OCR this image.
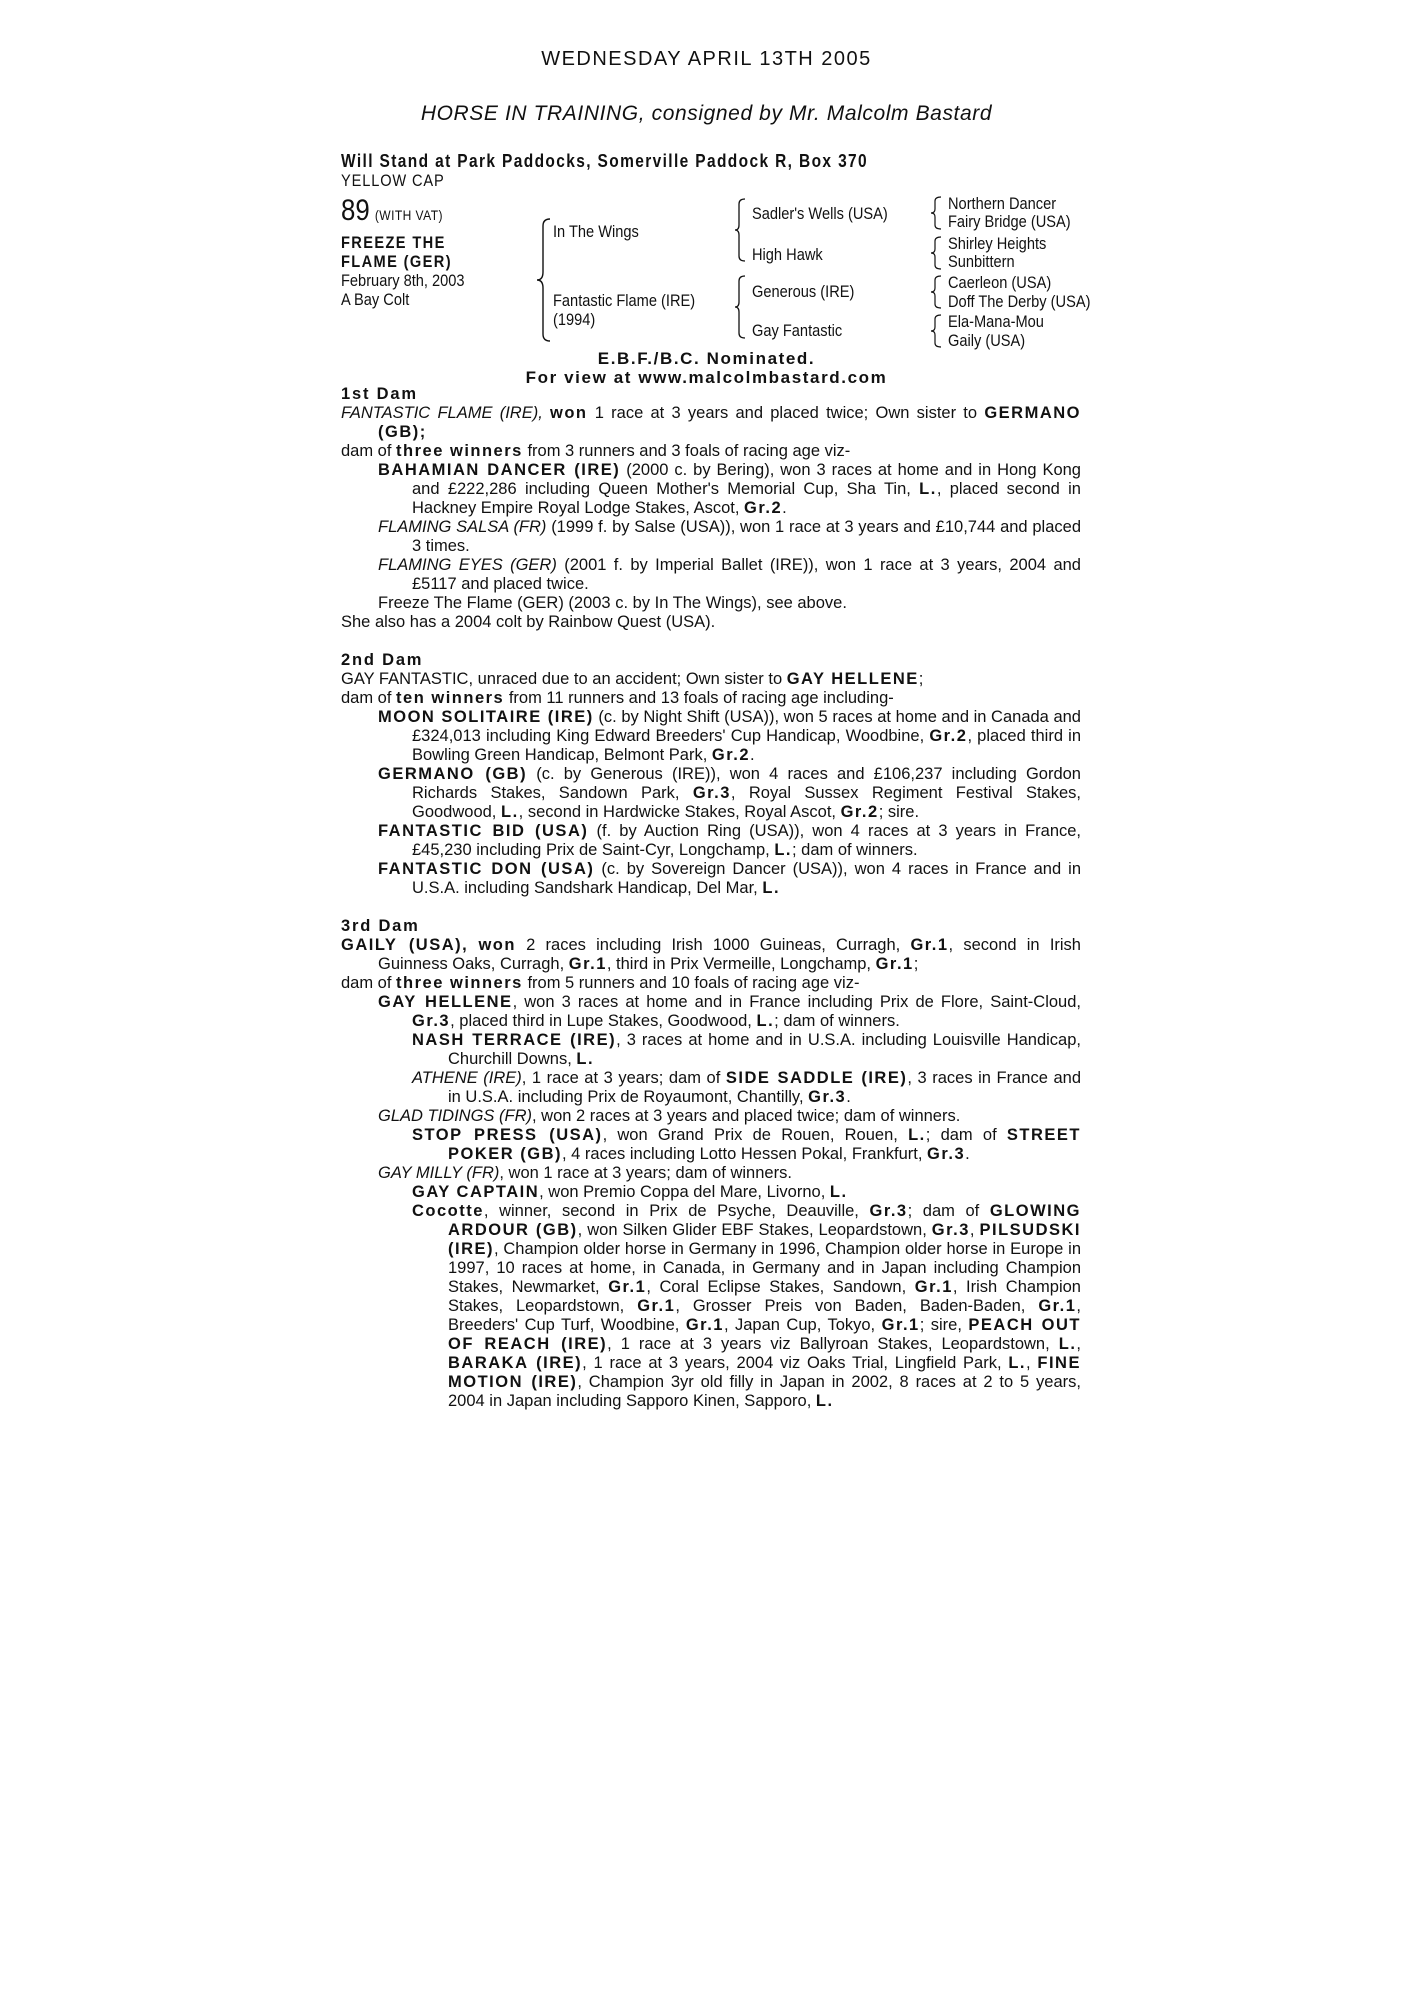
WEDNESDAY APRIL 13TH 2005
HORSE IN TRAINING, consigned by Mr. Malcolm Bastard
Will Stand at Park Paddocks, Somerville Paddock R, Box 370
YELLOW CAP
89 (WITH VAT)
FREEZE THE
FLAME (GER)
February 8th, 2003
A Bay Colt
In The Wings
Fantastic Flame (IRE)
(1994)
Sadler's Wells (USA)
High Hawk
Generous (IRE)
Gay Fantastic
Northern Dancer
Fairy Bridge (USA)
Shirley Heights
Sunbittern
Caerleon (USA)
Doff The Derby (USA)
Ela-Mana-Mou
Gaily (USA)
E.B.F./B.C. Nominated.
For view at www.malcolmbastard.com

1st Dam

FANTASTIC FLAME (IRE), won 1 race at 3 years and placed twice; Own sister to GERMANO (GB);

dam of three winners from 3 runners and 3 foals of racing age viz-

BAHAMIAN DANCER (IRE) (2000 c. by Bering), won 3 races at home and in Hong Kong and £222,286 including Queen Mother's Memorial Cup, Sha Tin, L., placed second in Hackney Empire Royal Lodge Stakes, Ascot, Gr.2.

FLAMING SALSA (FR) (1999 f. by Salse (USA)), won 1 race at 3 years and £10,744 and placed 3 times.

FLAMING EYES (GER) (2001 f. by Imperial Ballet (IRE)), won 1 race at 3 years, 2004 and £5117 and placed twice.

Freeze The Flame (GER) (2003 c. by In The Wings), see above.

She also has a 2004 colt by Rainbow Quest (USA).

2nd Dam

GAY FANTASTIC, unraced due to an accident; Own sister to GAY HELLENE;

dam of ten winners from 11 runners and 13 foals of racing age including-

MOON SOLITAIRE (IRE) (c. by Night Shift (USA)), won 5 races at home and in Canada and £324,013 including King Edward Breeders' Cup Handicap, Woodbine, Gr.2, placed third in Bowling Green Handicap, Belmont Park, Gr.2.

GERMANO (GB) (c. by Generous (IRE)), won 4 races and £106,237 including Gordon Richards Stakes, Sandown Park, Gr.3, Royal Sussex Regiment Festival Stakes, Goodwood, L., second in Hardwicke Stakes, Royal Ascot, Gr.2; sire.

FANTASTIC BID (USA) (f. by Auction Ring (USA)), won 4 races at 3 years in France, £45,230 including Prix de Saint-Cyr, Longchamp, L.; dam of winners.

FANTASTIC DON (USA) (c. by Sovereign Dancer (USA)), won 4 races in France and in U.S.A. including Sandshark Handicap, Del Mar, L.

3rd Dam

GAILY (USA), won 2 races including Irish 1000 Guineas, Curragh, Gr.1, second in Irish Guinness Oaks, Curragh, Gr.1, third in Prix Vermeille, Longchamp, Gr.1;

dam of three winners from 5 runners and 10 foals of racing age viz-

GAY HELLENE, won 3 races at home and in France including Prix de Flore, Saint-Cloud, Gr.3, placed third in Lupe Stakes, Goodwood, L.; dam of winners.

NASH TERRACE (IRE), 3 races at home and in U.S.A. including Louisville Handicap, Churchill Downs, L.

ATHENE (IRE), 1 race at 3 years; dam of SIDE SADDLE (IRE), 3 races in France and in U.S.A. including Prix de Royaumont, Chantilly, Gr.3.

GLAD TIDINGS (FR), won 2 races at 3 years and placed twice; dam of winners.

STOP PRESS (USA), won Grand Prix de Rouen, Rouen, L.; dam of STREET POKER (GB), 4 races including Lotto Hessen Pokal, Frankfurt, Gr.3.

GAY MILLY (FR), won 1 race at 3 years; dam of winners.

GAY CAPTAIN, won Premio Coppa del Mare, Livorno, L.

Cocotte, winner, second in Prix de Psyche, Deauville, Gr.3; dam of GLOWING ARDOUR (GB), won Silken Glider EBF Stakes, Leopardstown, Gr.3, PILSUDSKI (IRE), Champion older horse in Germany in 1996, Champion older horse in Europe in 1997, 10 races at home, in Canada, in Germany and in Japan including Champion Stakes, Newmarket, Gr.1, Coral Eclipse Stakes, Sandown, Gr.1, Irish Champion Stakes, Leopardstown, Gr.1, Grosser Preis von Baden, Baden-Baden, Gr.1, Breeders' Cup Turf, Woodbine, Gr.1, Japan Cup, Tokyo, Gr.1; sire, PEACH OUT OF REACH (IRE), 1 race at 3 years viz Ballyroan Stakes, Leopardstown, L., BARAKA (IRE), 1 race at 3 years, 2004 viz Oaks Trial, Lingfield Park, L., FINE MOTION (IRE), Champion 3yr old filly in Japan in 2002, 8 races at 2 to 5 years, 2004 in Japan including Sapporo Kinen, Sapporo, L.
